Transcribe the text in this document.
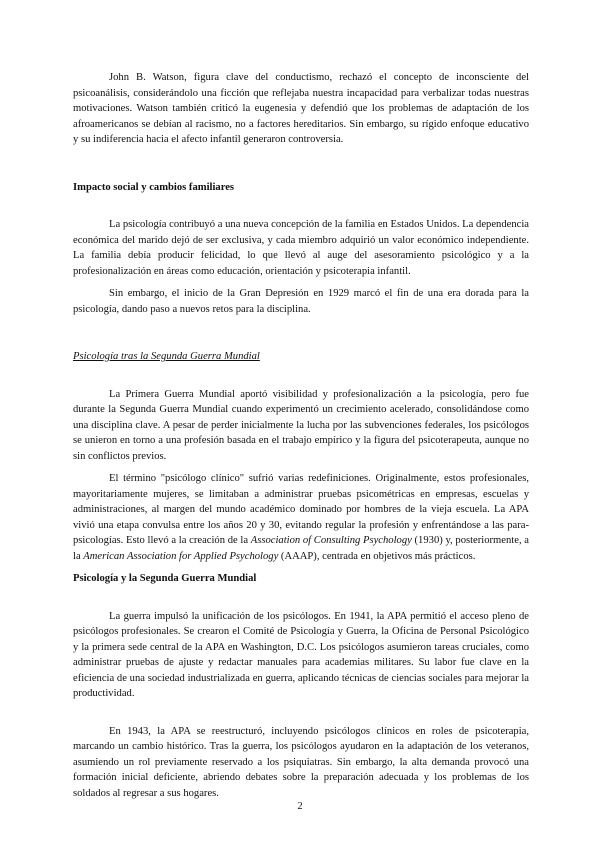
John B. Watson, figura clave del conductismo, rechazó el concepto de inconsciente del psicoanálisis, considerándolo una ficción que reflejaba nuestra incapacidad para verbalizar todas nuestras motivaciones. Watson también criticó la eugenesia y defendió que los problemas de adaptación de los afroamericanos se debían al racismo, no a factores hereditarios. Sin embargo, su rígido enfoque educativo y su indiferencia hacia el afecto infantil generaron controversia.

Impacto social y cambios familiares

La psicología contribuyó a una nueva concepción de la familia en Estados Unidos. La dependencia económica del marido dejó de ser exclusiva, y cada miembro adquirió un valor económico independiente. La familia debía producir felicidad, lo que llevó al auge del asesoramiento psicológico y a la profesionalización en áreas como educación, orientación y psicoterapia infantil.

Sin embargo, el inicio de la Gran Depresión en 1929 marcó el fin de una era dorada para la psicología, dando paso a nuevos retos para la disciplina.

Psicología tras la Segunda Guerra Mundial

La Primera Guerra Mundial aportó visibilidad y profesionalización a la psicología, pero fue durante la Segunda Guerra Mundial cuando experimentó un crecimiento acelerado, consolidándose como una disciplina clave. A pesar de perder inicialmente la lucha por las subvenciones federales, los psicólogos se unieron en torno a una profesión basada en el trabajo empírico y la figura del psicoterapeuta, aunque no sin conflictos previos.

El término "psicólogo clínico" sufrió varias redefiniciones. Originalmente, estos profesionales, mayoritariamente mujeres, se limitaban a administrar pruebas psicométricas en empresas, escuelas y administraciones, al margen del mundo académico dominado por hombres de la vieja escuela. La APA vivió una etapa convulsa entre los años 20 y 30, evitando regular la profesión y enfrentándose a las para-psicologías. Esto llevó a la creación de la Association of Consulting Psychology (1930) y, posteriormente, a la American Association for Applied Psychology (AAAP), centrada en objetivos más prácticos.

Psicología y la Segunda Guerra Mundial

La guerra impulsó la unificación de los psicólogos. En 1941, la APA permitió el acceso pleno de psicólogos profesionales. Se crearon el Comité de Psicología y Guerra, la Oficina de Personal Psicológico y la primera sede central de la APA en Washington, D.C. Los psicólogos asumieron tareas cruciales, como administrar pruebas de ajuste y redactar manuales para academias militares. Su labor fue clave en la eficiencia de una sociedad industrializada en guerra, aplicando técnicas de ciencias sociales para mejorar la productividad.

En 1943, la APA se reestructuró, incluyendo psicólogos clínicos en roles de psicoterapia, marcando un cambio histórico. Tras la guerra, los psicólogos ayudaron en la adaptación de los veteranos, asumiendo un rol previamente reservado a los psiquiatras. Sin embargo, la alta demanda provocó una formación inicial deficiente, abriendo debates sobre la preparación adecuada y los problemas de los soldados al regresar a sus hogares.

2
